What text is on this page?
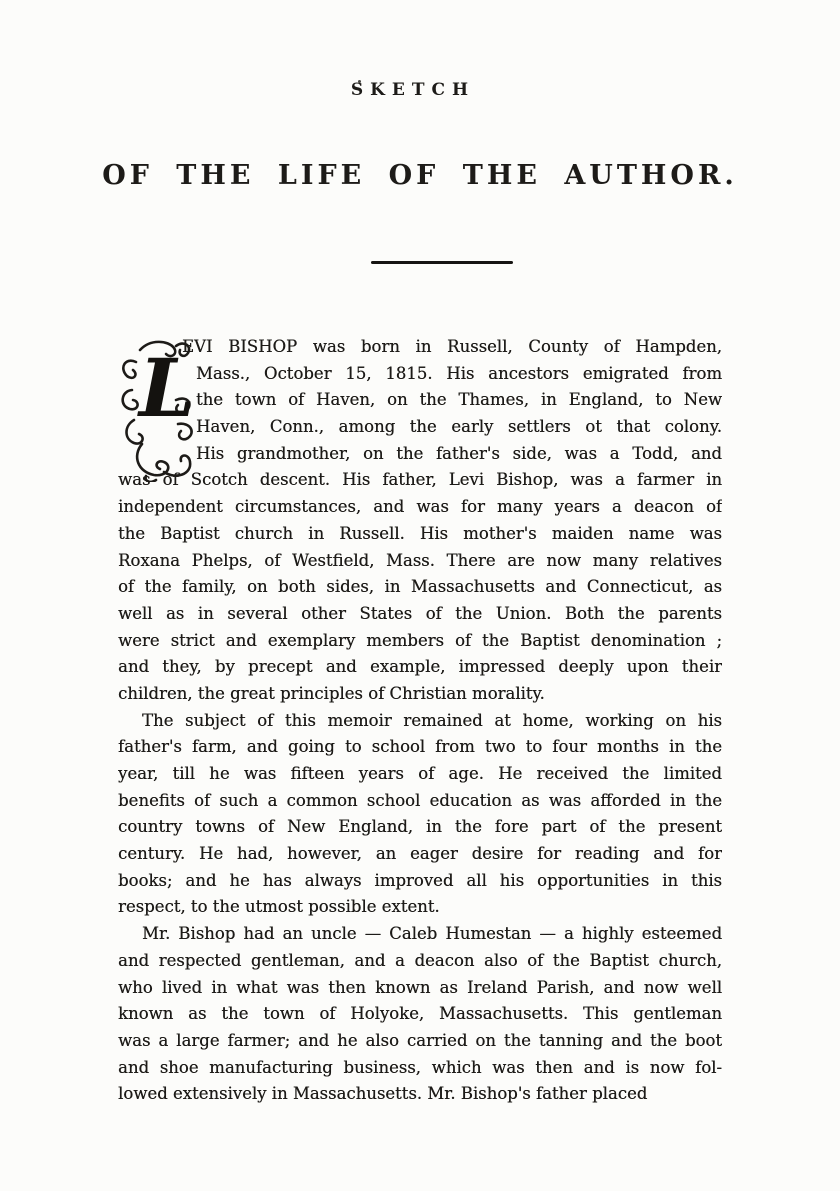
SKETCH
OF THE LIFE OF THE AUTHOR.
L
EVI BISHOP was born in Russell, County of Hampden,
Mass., October 15, 1815. His ancestors emigrated from
the town of Haven, on the Thames, in England, to New
Haven, Conn., among the early settlers ot that colony.
His grandmother, on the father's side, was a Todd, and
was of Scotch descent. His father, Levi Bishop, was a farmer in
independent circumstances, and was for many years a deacon of
the Baptist church in Russell. His mother's maiden name was
Roxana Phelps, of Westfield, Mass. There are now many relatives
of the family, on both sides, in Massachusetts and Connecticut, as
well as in several other States of the Union. Both the parents
were strict and exemplary members of the Baptist denomination ;
and they, by precept and example, impressed deeply upon their
children, the great principles of Christian morality.
The subject of this memoir remained at home, working on his
father's farm, and going to school from two to four months in the
year, till he was fifteen years of age. He received the limited
benefits of such a common school education as was afforded in the
country towns of New England, in the fore part of the present
century. He had, however, an eager desire for reading and for
books; and he has always improved all his opportunities in this
respect, to the utmost possible extent.
Mr. Bishop had an uncle — Caleb Humestan — a highly esteemed
and respected gentleman, and a deacon also of the Baptist church,
who lived in what was then known as Ireland Parish, and now well
known as the town of Holyoke, Massachusetts. This gentleman
was a large farmer; and he also carried on the tanning and the boot
and shoe manufacturing business, which was then and is now fol-
lowed extensively in Massachusetts. Mr. Bishop's father placed
